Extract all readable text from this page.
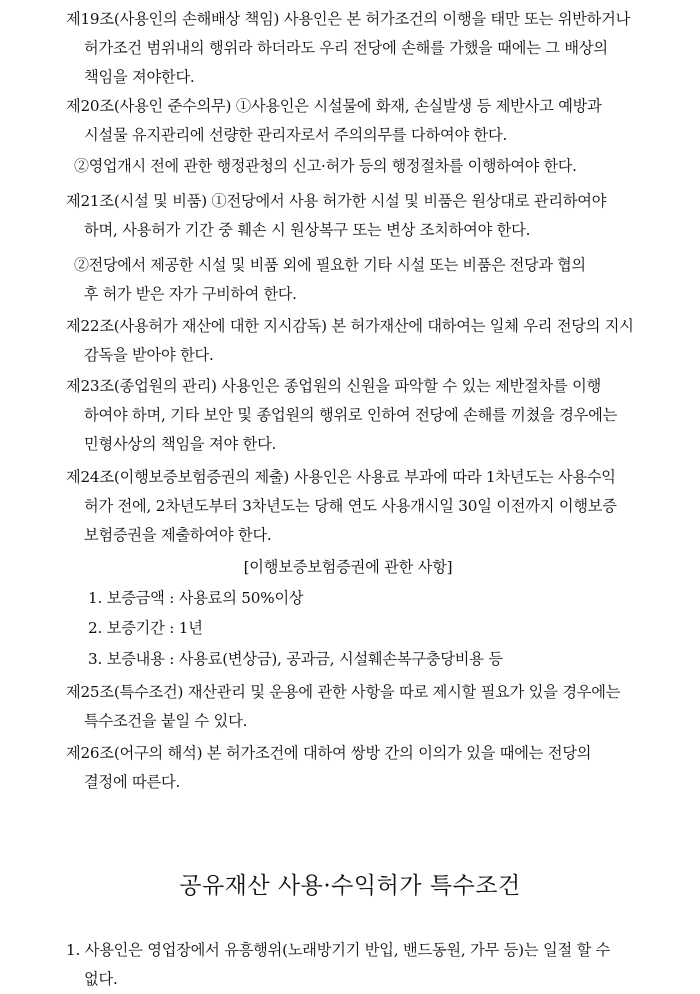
제19조(사용인의 손해배상 책임) 사용인은 본 허가조건의 이행을 태만 또는 위반하거나
허가조건 범위내의 행위라 하더라도 우리 전당에 손해를 가했을 때에는 그 배상의
책임을 져야한다.
제20조(사용인 준수의무) ①사용인은 시설물에 화재, 손실발생 등 제반사고 예방과
시설물 유지관리에 선량한 관리자로서 주의의무를 다하여야 한다.
②영업개시 전에 관한 행정관청의 신고·허가 등의 행정절차를 이행하여야 한다.
제21조(시설 및 비품) ①전당에서 사용 허가한 시설 및 비품은 원상대로 관리하여야
하며, 사용허가 기간 중 훼손 시 원상복구 또는 변상 조치하여야 한다.
②전당에서 제공한 시설 및 비품 외에 필요한 기타 시설 또는 비품은 전당과 협의
후 허가 받은 자가 구비하여 한다.
제22조(사용허가 재산에 대한 지시감독) 본 허가재산에 대하여는 일체 우리 전당의 지시
감독을 받아야 한다.
제23조(종업원의 관리) 사용인은 종업원의 신원을 파악할 수 있는 제반절차를 이행
하여야 하며, 기타 보안 및 종업원의 행위로 인하여 전당에 손해를 끼쳤을 경우에는
민형사상의 책임을 져야 한다.
제24조(이행보증보험증권의 제출) 사용인은 사용료 부과에 따라 1차년도는 사용수익
허가 전에, 2차년도부터 3차년도는 당해 연도 사용개시일 30일 이전까지 이행보증
보험증권을 제출하여야 한다.
[이행보증보험증권에 관한 사항]
1. 보증금액 : 사용료의 50%이상
2. 보증기간 : 1년
3. 보증내용 : 사용료(변상금), 공과금, 시설훼손복구충당비용 등
제25조(특수조건) 재산관리 및 운용에 관한 사항을 따로 제시할 필요가 있을 경우에는
특수조건을 붙일 수 있다.
제26조(어구의 해석) 본 허가조건에 대하여 쌍방 간의 이의가 있을 때에는 전당의
결정에 따른다.
공유재산 사용·수익허가 특수조건
1. 사용인은 영업장에서 유흥행위(노래방기기 반입, 밴드동원, 가무 등)는 일절 할 수
없다.
